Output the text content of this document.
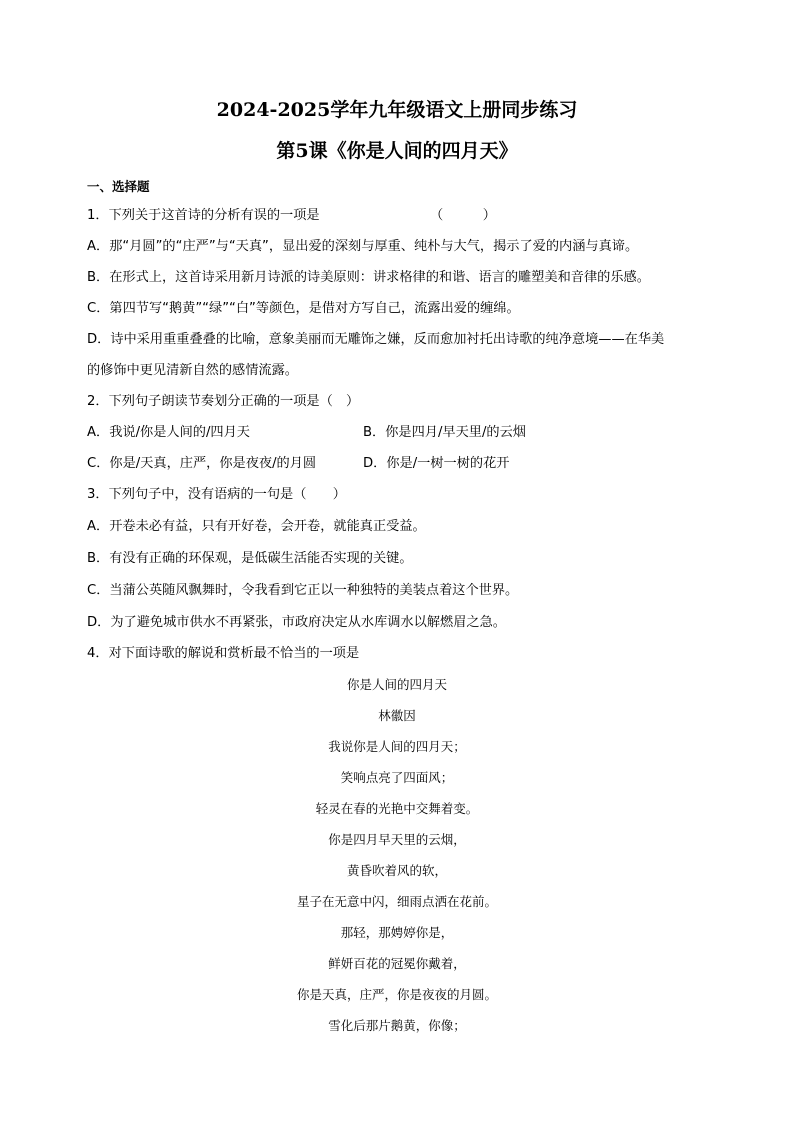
2024-2025学年九年级语文上册同步练习
第5课《你是人间的四月天》
一、选择题
1．下列关于这首诗的分析有误的一项是	（　　　）
A．那“月圆”的“庄严”与“天真”，显出爱的深刻与厚重、纯朴与大气，揭示了爱的内涵与真谛。
B．在形式上，这首诗采用新月诗派的诗美原则：讲求格律的和谐、语言的雕塑美和音律的乐感。
C．第四节写“鹅黄”“绿”“白”等颜色，是借对方写自己，流露出爱的缠绵。
D．诗中采用重重叠叠的比喻，意象美丽而无雕饰之嫌，反而愈加衬托出诗歌的纯净意境——在华美
的修饰中更见清新自然的感情流露。
2．下列句子朗读节奏划分正确的一项是（　）
A．我说/你是人间的/四月天	B．你是四月/早天里/的云烟
C．你是/天真，庄严，你是夜夜/的月圆	D．你是/一树一树的花开
3．下列句子中，没有语病的一句是（　　）
A．开卷未必有益，只有开好卷，会开卷，就能真正受益。
B．有没有正确的环保观，是低碳生活能否实现的关键。
C．当蒲公英随风飘舞时，令我看到它正以一种独特的美装点着这个世界。
D．为了避免城市供水不再紧张，市政府决定从水库调水以解燃眉之急。
4．对下面诗歌的解说和赏析最不恰当的一项是
你是人间的四月天
林徽因
我说你是人间的四月天；
笑响点亮了四面风；
轻灵在春的光艳中交舞着变。
你是四月早天里的云烟，
黄昏吹着风的软，
星子在无意中闪，细雨点洒在花前。
那轻，那娉婷你是，
鲜妍百花的冠冕你戴着，
你是天真，庄严，你是夜夜的月圆。
雪化后那片鹅黄，你像；
